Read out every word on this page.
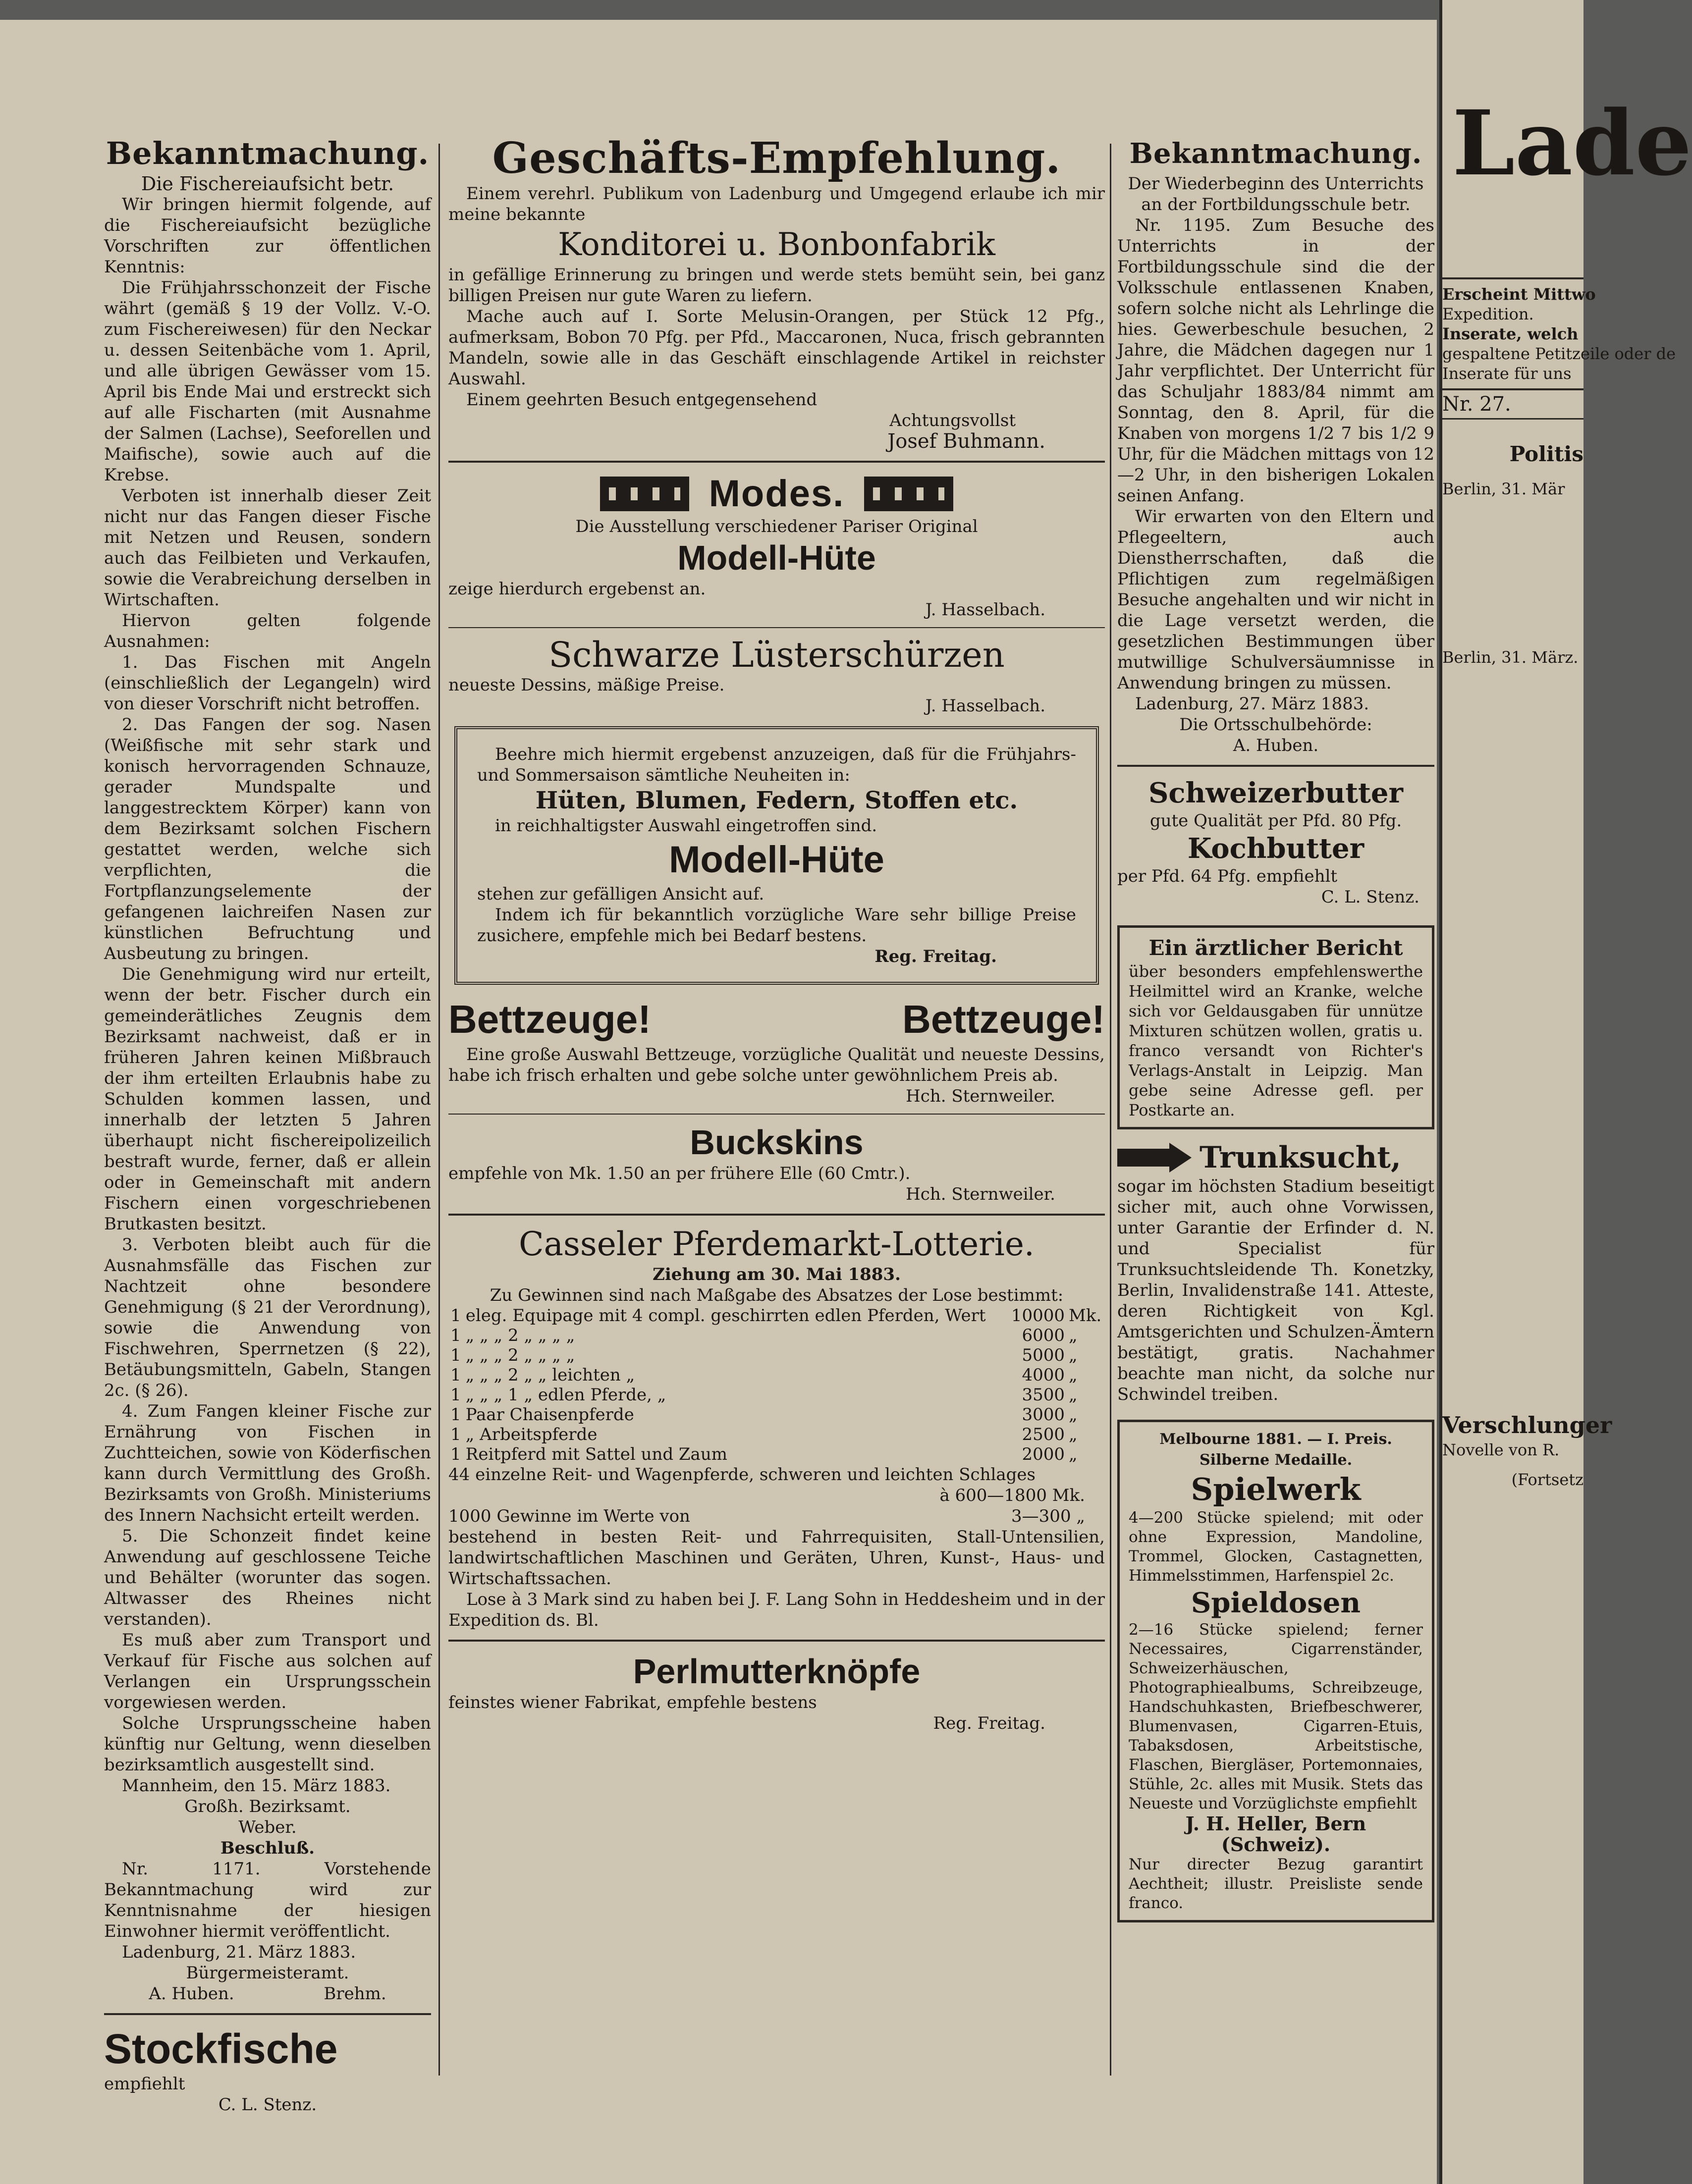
Bekanntmachung.

Die Fischereiaufsicht betr.

Wir bringen hiermit folgende, auf die Fischereiaufsicht bezügliche Vorschriften zur öffentlichen Kenntnis:

Die Frühjahrsschonzeit der Fische währt (gemäß § 19 der Vollz. V.-O. zum Fischereiwesen) für den Neckar u. dessen Seitenbäche vom 1. April, und alle übrigen Gewässer vom 15. April bis Ende Mai und erstreckt sich auf alle Fischarten (mit Ausnahme der Salmen (Lachse), Seeforellen und Maifische), sowie auch auf die Krebse.

Verboten ist innerhalb dieser Zeit nicht nur das Fangen dieser Fische mit Netzen und Reusen, sondern auch das Feilbieten und Verkaufen, sowie die Verabreichung derselben in Wirtschaften.

Hiervon gelten folgende Ausnahmen:

1. Das Fischen mit Angeln (einschließlich der Legangeln) wird von dieser Vorschrift nicht betroffen.

2. Das Fangen der sog. Nasen (Weißfische mit sehr stark und konisch hervorragenden Schnauze, gerader Mundspalte und langgestrecktem Körper) kann von dem Bezirksamt solchen Fischern gestattet werden, welche sich verpflichten, die Fortpflanzungselemente der gefangenen laichreifen Nasen zur künstlichen Befruchtung und Ausbeutung zu bringen.

Die Genehmigung wird nur erteilt, wenn der betr. Fischer durch ein gemeinderätliches Zeugnis dem Bezirksamt nachweist, daß er in früheren Jahren keinen Mißbrauch der ihm erteilten Erlaubnis habe zu Schulden kommen lassen, und innerhalb der letzten 5 Jahren überhaupt nicht fischereipolizeilich bestraft wurde, ferner, daß er allein oder in Gemeinschaft mit andern Fischern einen vorgeschriebenen Brutkasten besitzt.

3. Verboten bleibt auch für die Ausnahmsfälle das Fischen zur Nachtzeit ohne besondere Genehmigung (§ 21 der Verordnung), sowie die Anwendung von Fischwehren, Sperrnetzen (§ 22), Betäubungsmitteln, Gabeln, Stangen 2c. (§ 26).

4. Zum Fangen kleiner Fische zur Ernährung von Fischen in Zuchtteichen, sowie von Köderfischen kann durch Vermittlung des Großh. Bezirksamts von Großh. Ministeriums des Innern Nachsicht erteilt werden.

5. Die Schonzeit findet keine Anwendung auf geschlossene Teiche und Behälter (worunter das sogen. Altwasser des Rheines nicht verstanden).

Es muß aber zum Transport und Verkauf für Fische aus solchen auf Verlangen ein Ursprungsschein vorgewiesen werden.

Solche Ursprungsscheine haben künftig nur Geltung, wenn dieselben bezirksamtlich ausgestellt sind.

Mannheim, den 15. März 1883.

Großh. Bezirksamt.

Weber.

Beschluß.

Nr. 1171. Vorstehende Bekanntmachung wird zur Kenntnisnahme der hiesigen Einwohner hiermit veröffentlicht.

Ladenburg, 21. März 1883.

Bürgermeisteramt.

A. Huben.	Brehm.

Stockfische

empfiehlt

C. L. Stenz.

Geschäfts-Empfehlung.

Einem verehrl. Publikum von Ladenburg und Umgegend erlaube ich mir meine bekannte

Konditorei u. Bonbonfabrik

in gefällige Erinnerung zu bringen und werde stets bemüht sein, bei ganz billigen Preisen nur gute Waren zu liefern.

Mache auch auf I. Sorte Melusin-Orangen, per Stück 12 Pfg., aufmerksam, Bobon 70 Pfg. per Pfd., Maccaronen, Nuca, frisch gebrannten Mandeln, sowie alle in das Geschäft einschlagende Artikel in reichster Auswahl.

Einem geehrten Besuch entgegensehend

Achtungsvollst

Josef Buhmann.

Modes.

Die Ausstellung verschiedener Pariser Original

Modell-Hüte

zeige hierdurch ergebenst an.

J. Hasselbach.

Schwarze Lüsterschürzen

neueste Dessins, mäßige Preise.

J. Hasselbach.

Beehre mich hiermit ergebenst anzuzeigen, daß für die Frühjahrs- und Sommersaison sämtliche Neuheiten in:

Hüten, Blumen, Federn, Stoffen etc.

in reichhaltigster Auswahl eingetroffen sind.

Modell-Hüte

stehen zur gefälligen Ansicht auf.

Indem ich für bekanntlich vorzügliche Ware sehr billige Preise zusichere, empfehle mich bei Bedarf bestens.

Reg. Freitag.

Bettzeuge!	Bettzeuge!

Eine große Auswahl Bettzeuge, vorzügliche Qualität und neueste Dessins, habe ich frisch erhalten und gebe solche unter gewöhnlichem Preis ab.

Hch. Sternweiler.

Buckskins

empfehle von Mk. 1.50 an per frühere Elle (60 Cmtr.).

Hch. Sternweiler.

Casseler Pferdemarkt-Lotterie.

Ziehung am 30. Mai 1883.

Zu Gewinnen sind nach Maßgabe des Absatzes der Lose bestimmt:

1	eleg. Equipage mit 4 compl. geschirrten edlen Pferden, Wert	10000	Mk.
1	„ „ „ 2 „ „ „ „	6000	„
1	„ „ „ 2 „ „ „ „	5000	„
1	„ „ „ 2 „ „ leichten „	4000	„
1	„ „ „ 1 „ edlen Pferde, „	3500	„
1	Paar Chaisenpferde	3000	„
1	„ Arbeitspferde	2500	„
1	Reitpferd mit Sattel und Zaum	2000	„

44 einzelne Reit- und Wagenpferde, schweren und leichten Schlages

à 600—1800 Mk.

1000 Gewinne im Werte von	3—300 „

bestehend in besten Reit- und Fahrrequisiten, Stall-Untensilien, landwirtschaftlichen Maschinen und Geräten, Uhren, Kunst-, Haus- und Wirtschaftssachen.

Lose à 3 Mark sind zu haben bei J. F. Lang Sohn in Heddesheim und in der Expedition ds. Bl.

Perlmutterknöpfe

feinstes wiener Fabrikat, empfehle bestens

Reg. Freitag.

Bekanntmachung.

Der Wiederbeginn des Unterrichts an der Fortbildungsschule betr.

Nr. 1195. Zum Besuche des Unterrichts in der Fortbildungsschule sind die der Volksschule entlassenen Knaben, sofern solche nicht als Lehrlinge die hies. Gewerbeschule besuchen, 2 Jahre, die Mädchen dagegen nur 1 Jahr verpflichtet. Der Unterricht für das Schuljahr 1883/84 nimmt am Sonntag, den 8. April, für die Knaben von morgens 1/2 7 bis 1/2 9 Uhr, für die Mädchen mittags von 12—2 Uhr, in den bisherigen Lokalen seinen Anfang.

Wir erwarten von den Eltern und Pflegeeltern, auch Dienstherrschaften, daß die Pflichtigen zum regelmäßigen Besuche angehalten und wir nicht in die Lage versetzt werden, die gesetzlichen Bestimmungen über mutwillige Schulversäumnisse in Anwendung bringen zu müssen.

Ladenburg, 27. März 1883.

Die Ortsschulbehörde:

A. Huben.

Schweizerbutter

gute Qualität per Pfd. 80 Pfg.

Kochbutter

per Pfd. 64 Pfg. empfiehlt

C. L. Stenz.

Ein ärztlicher Bericht

über besonders empfehlenswerthe Heilmittel wird an Kranke, welche sich vor Geldausgaben für unnütze Mixturen schützen wollen, gratis u. franco versandt von Richter's Verlags-Anstalt in Leipzig. Man gebe seine Adresse gefl. per Postkarte an.

Trunksucht,

sogar im höchsten Stadium beseitigt sicher mit, auch ohne Vorwissen, unter Garantie der Erfinder d. N. und Specialist für Trunksuchtsleidende Th. Konetzky, Berlin, Invalidenstraße 141. Atteste, deren Richtigkeit von Kgl. Amtsgerichten und Schulzen-Ämtern bestätigt, gratis. Nachahmer beachte man nicht, da solche nur Schwindel treiben.

Melbourne 1881. — I. Preis. Silberne Medaille.

Spielwerk

4—200 Stücke spielend; mit oder ohne Expression, Mandoline, Trommel, Glocken, Castagnetten, Himmelsstimmen, Harfenspiel 2c.

Spieldosen

2—16 Stücke spielend; ferner Necessaires, Cigarrenständer, Schweizerhäuschen, Photographiealbums, Schreibzeuge, Handschuhkasten, Briefbeschwerer, Blumenvasen, Cigarren-Etuis, Tabaksdosen, Arbeitstische, Flaschen, Biergläser, Portemonnaies, Stühle, 2c. alles mit Musik. Stets das Neueste und Vorzüglichste empfiehlt

J. H. Heller, Bern (Schweiz).

Nur directer Bezug garantirt Aechtheit; illustr. Preisliste sende franco.

Lade

Erscheint Mittwo

Expedition.

Inserate, welch

gespaltene Petitzeile oder de

Inserate für uns

Nr. 27.

Politis

Berlin, 31. Mär

Berlin, 31. März.

Verschlunger

Novelle von R.

(Fortsetz
